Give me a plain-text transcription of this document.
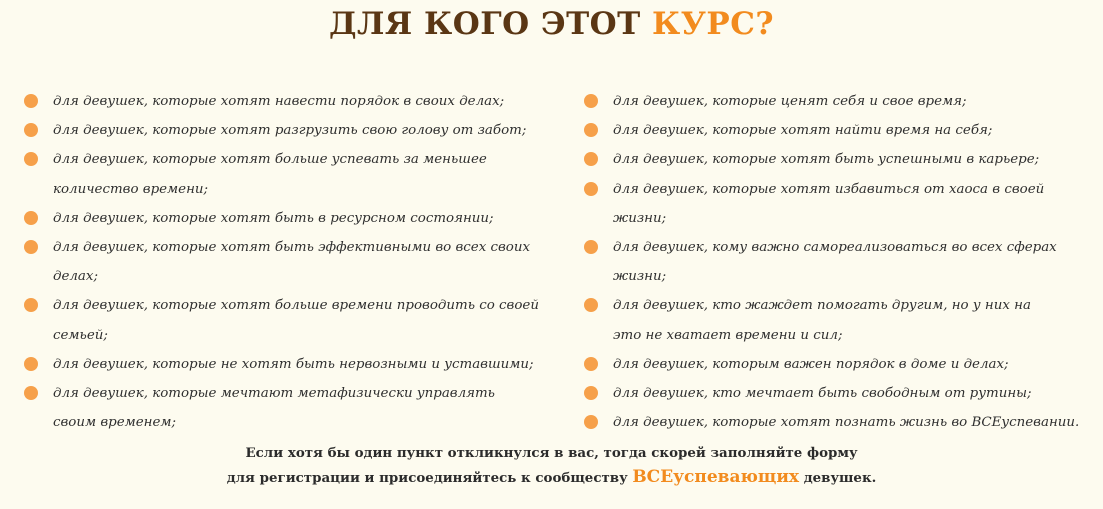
ДЛЯ КОГО ЭТОТ КУРС?
для девушек, которые хотят навести порядок в своих делах;
для девушек, которые хотят разгрузить свою голову от забот;
для девушек, которые хотят больше успевать за меньшее количество времени;
для девушек, которые хотят быть в ресурсном состоянии;
для девушек, которые хотят быть эффективными во всех своих делах;
для девушек, которые хотят больше времени проводить со своей семьей;
для девушек, которые не хотят быть нервозными и уставшими;
для девушек, которые мечтают метафизически управлять своим временем;
для девушек, которые ценят себя и свое время;
для девушек, которые хотят найти время на себя;
для девушек, которые хотят быть успешными в карьере;
для девушек, которые хотят избавиться от хаоса в своей жизни;
для девушек, кому важно самореализоваться во всех сферах жизни;
для девушек, кто жаждет помогать другим, но у них на это не хватает времени и сил;
для девушек, которым важен порядок в доме и делах;
для девушек, кто мечтает быть свободным от рутины;
для девушек, которые хотят познать жизнь во ВСЕуспевании.
Если хотя бы один пункт откликнулся в вас, тогда скорей заполняйте форму
для регистрации и присоединяйтесь к сообществу ВСЕуспевающих девушек.
